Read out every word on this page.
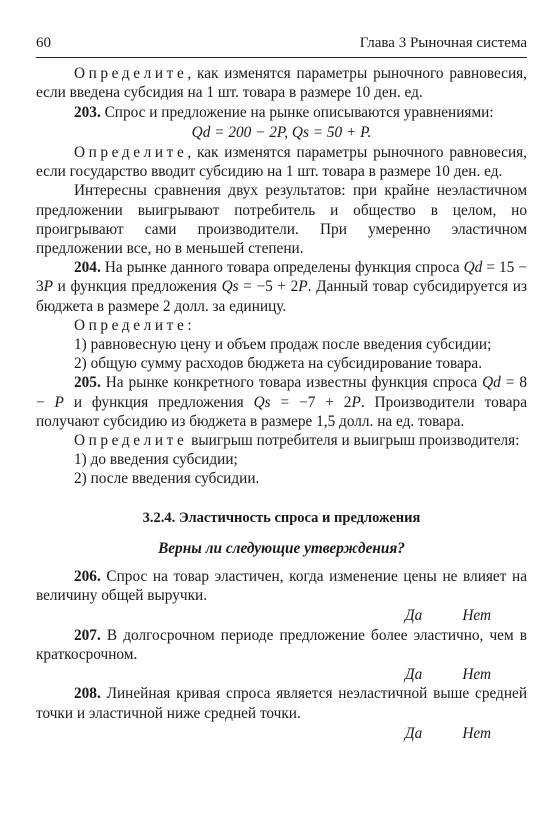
60	Глава 3 Рыночная система

Определите, как изменятся параметры рыночного равновесия, если введена субсидия на 1 шт. товара в размере 10 ден. ед.

203. Спрос и предложение на рынке описываются уравнениями:

Qd = 200 − 2P, Qs = 50 + P.

Определите, как изменятся параметры рыночного равновесия, если государство вводит субсидию на 1 шт. товара в размере 10 ден. ед.

Интересны сравнения двух результатов: при крайне неэластичном предложении выигрывают потребитель и общество в целом, но проигрывают сами производители. При умеренно эластичном предложении все, но в меньшей степени.

204. На рынке данного товара определены функция спроса Qd = 15 − 3P и функция предложения Qs = −5 + 2P. Данный товар субсидируется из бюджета в размере 2 долл. за единицу.

Определите:

1) равновесную цену и объем продаж после введения субсидии;

2) общую сумму расходов бюджета на субсидирование товара.

205. На рынке конкретного товара известны функция спроса Qd = 8 − P и функция предложения Qs = −7 + 2P. Производители товара получают субсидию из бюджета в размере 1,5 долл. на ед. товара.

Определите выигрыш потребителя и выигрыш производителя:

1) до введения субсидии;

2) после введения субсидии.

3.2.4. Эластичность спроса и предложения

Верны ли следующие утверждения?

206. Спрос на товар эластичен, когда изменение цены не влияет на величину общей выручки.

Да	Нет

207. В долгосрочном периоде предложение более эластично, чем в краткосрочном.

Да	Нет

208. Линейная кривая спроса является неэластичной выше средней точки и эластичной ниже средней точки.

Да	Нет
